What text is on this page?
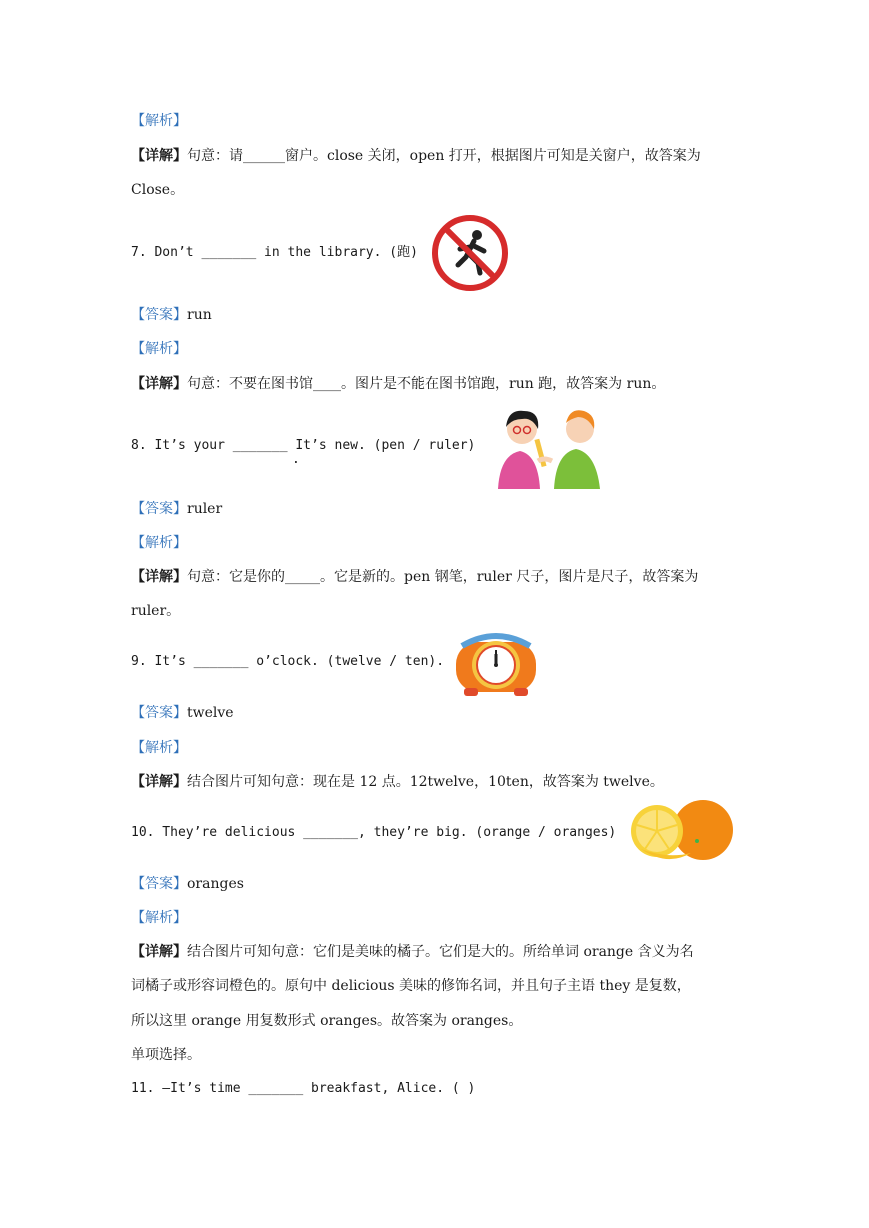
【解析】
【详解】句意：请______窗户。close 关闭，open 打开，根据图片可知是关窗户，故答案为
Close。
7. Don’t _______ in the library. (跑)
【答案】run
【解析】
【详解】句意：不要在图书馆____。图片是不能在图书馆跑，run 跑，故答案为 run。
8. It’s your _______ It’s new. (pen / ruler)
.
【答案】ruler
【解析】
【详解】句意：它是你的_____。它是新的。pen 钢笔，ruler 尺子，图片是尺子，故答案为
ruler。
9. It’s _______ o’clock. (twelve / ten).
【答案】twelve
【解析】
【详解】结合图片可知句意：现在是 12 点。12twelve，10ten，故答案为 twelve。
10. They’re delicious _______, they’re big. (orange / oranges)
【答案】oranges
【解析】
【详解】结合图片可知句意：它们是美味的橘子。它们是大的。所给单词 orange 含义为名
词橘子或形容词橙色的。原句中 delicious 美味的修饰名词，并且句子主语 they 是复数，
所以这里 orange 用复数形式 oranges。故答案为 oranges。
单项选择。
11. —It’s time _______ breakfast, Alice. ( )
